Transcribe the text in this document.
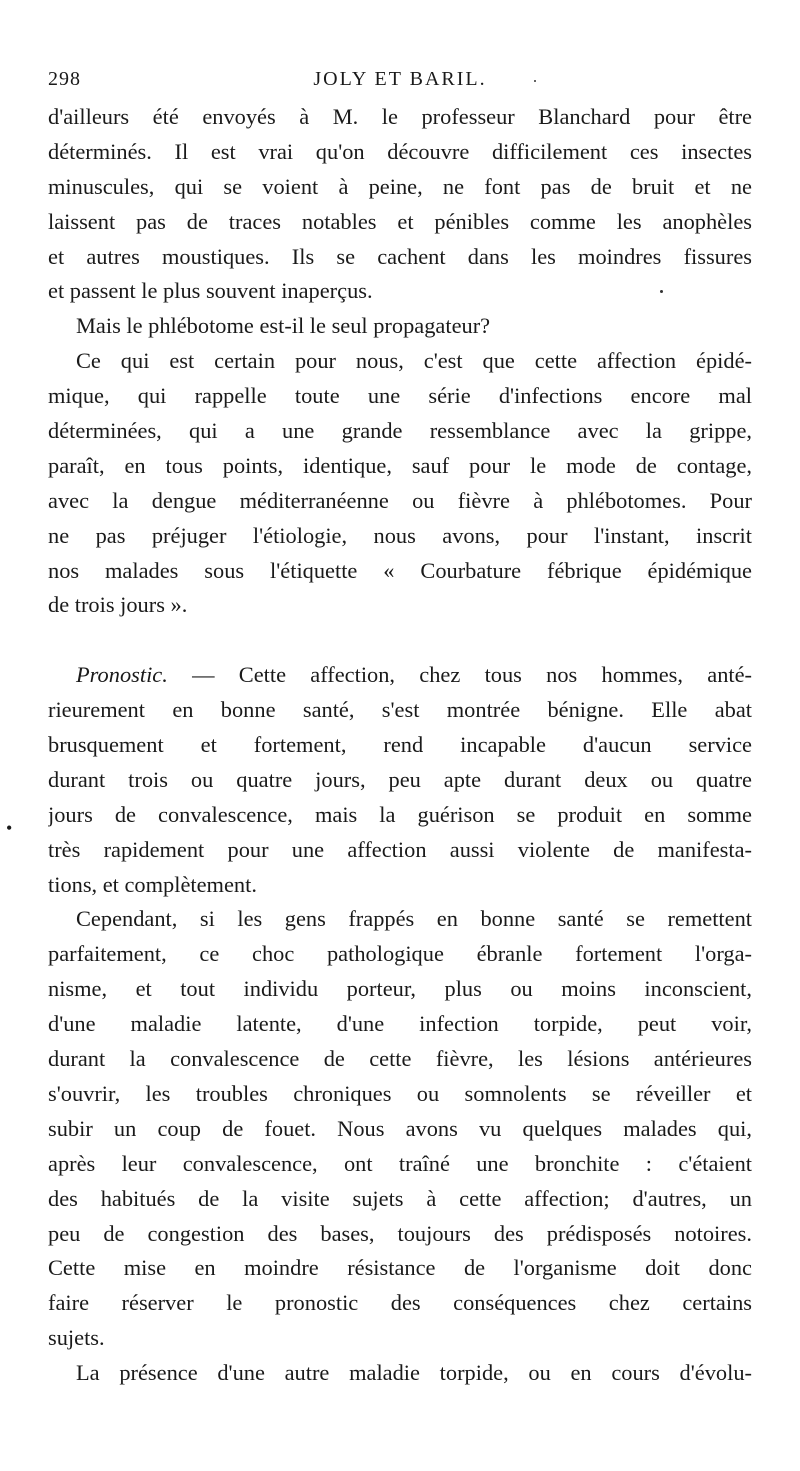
298	JOLY ET BARIL.
d'ailleurs été envoyés à M. le professeur Blanchard pour être
déterminés. Il est vrai qu'on découvre difficilement ces insectes
minuscules, qui se voient à peine, ne font pas de bruit et ne
laissent pas de traces notables et pénibles comme les anophèles
et autres moustiques. Ils se cachent dans les moindres fissures
et passent le plus souvent inaperçus.
Mais le phlébotome est-il le seul propagateur?
Ce qui est certain pour nous, c'est que cette affection épidé-
mique, qui rappelle toute une série d'infections encore mal
déterminées, qui a une grande ressemblance avec la grippe,
paraît, en tous points, identique, sauf pour le mode de contage,
avec la dengue méditerranéenne ou fièvre à phlébotomes. Pour
ne pas préjuger l'étiologie, nous avons, pour l'instant, inscrit
nos malades sous l'étiquette « Courbature fébrique épidémique
de trois jours ».
Pronostic. — Cette affection, chez tous nos hommes, anté-
rieurement en bonne santé, s'est montrée bénigne. Elle abat
brusquement et fortement, rend incapable d'aucun service
durant trois ou quatre jours, peu apte durant deux ou quatre
jours de convalescence, mais la guérison se produit en somme
très rapidement pour une affection aussi violente de manifesta-
tions, et complètement.
Cependant, si les gens frappés en bonne santé se remettent
parfaitement, ce choc pathologique ébranle fortement l'orga-
nisme, et tout individu porteur, plus ou moins inconscient,
d'une maladie latente, d'une infection torpide, peut voir,
durant la convalescence de cette fièvre, les lésions antérieures
s'ouvrir, les troubles chroniques ou somnolents se réveiller et
subir un coup de fouet. Nous avons vu quelques malades qui,
après leur convalescence, ont traîné une bronchite : c'étaient
des habitués de la visite sujets à cette affection; d'autres, un
peu de congestion des bases, toujours des prédisposés notoires.
Cette mise en moindre résistance de l'organisme doit donc
faire réserver le pronostic des conséquences chez certains
sujets.
La présence d'une autre maladie torpide, ou en cours d'évolu-
•
